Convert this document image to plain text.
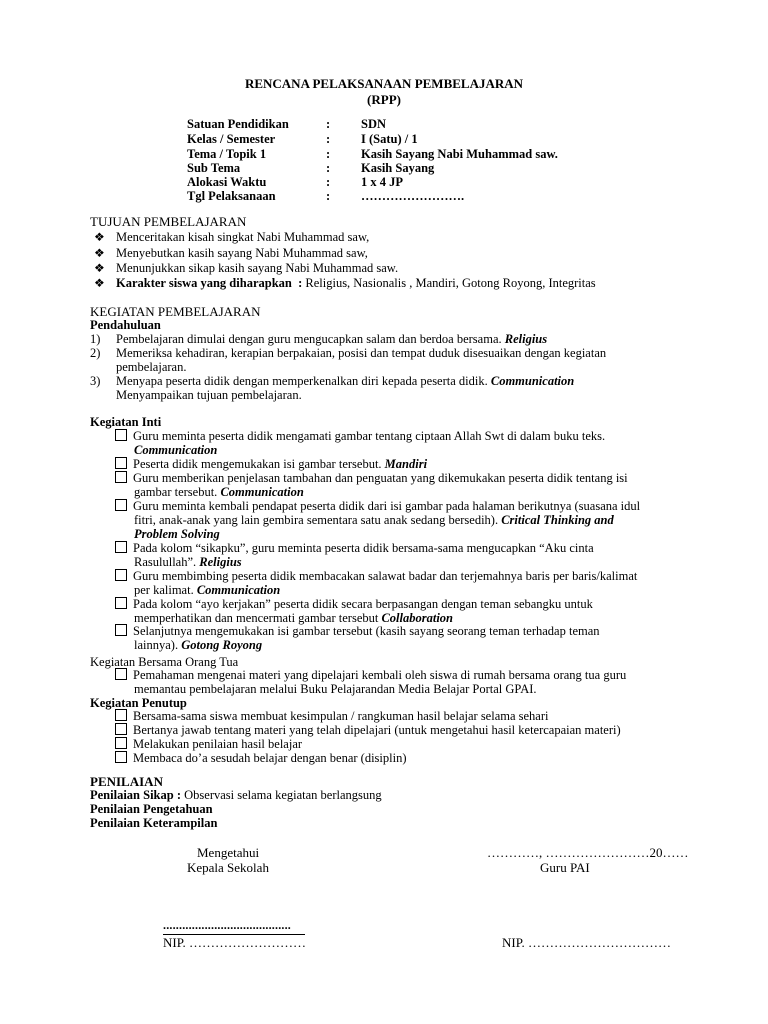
RENCANA PELAKSANAAN PEMBELAJARAN
(RPP)
Satuan Pendidikan	: SDN
Kelas / Semester	: I (Satu) / 1
Tema / Topik 1	: Kasih Sayang Nabi Muhammad saw.
Sub Tema	: Kasih Sayang
Alokasi Waktu	: 1 x 4 JP
Tgl Pelaksanaan	: …………………….
TUJUAN PEMBELAJARAN
❖ Menceritakan kisah singkat Nabi Muhammad saw,
❖ Menyebutkan kasih sayang Nabi Muhammad saw,
❖ Menunjukkan sikap kasih sayang Nabi Muhammad saw.
❖ Karakter siswa yang diharapkan : Religius, Nasionalis , Mandiri, Gotong Royong, Integritas
KEGIATAN PEMBELAJARAN
Pendahuluan
1) Pembelajaran dimulai dengan guru mengucapkan salam dan berdoa bersama. Religius
2) Memeriksa kehadiran, kerapian berpakaian, posisi dan tempat duduk disesuaikan dengan kegiatan
pembelajaran.
3) Menyapa peserta didik dengan memperkenalkan diri kepada peserta didik. Communication
Menyampaikan tujuan pembelajaran.
Kegiatan Inti
Guru meminta peserta didik mengamati gambar tentang ciptaan Allah Swt di dalam buku teks.
Communication
Peserta didik mengemukakan isi gambar tersebut. Mandiri
Guru memberikan penjelasan tambahan dan penguatan yang dikemukakan peserta didik tentang isi
gambar tersebut. Communication
Guru meminta kembali pendapat peserta didik dari isi gambar pada halaman berikutnya (suasana idul
fitri, anak-anak yang lain gembira sementara satu anak sedang bersedih). Critical Thinking and
Problem Solving
Pada kolom “sikapku”, guru meminta peserta didik bersama-sama mengucapkan “Aku cinta
Rasulullah”. Religius
Guru membimbing peserta didik membacakan salawat badar dan terjemahnya baris per baris/kalimat
per kalimat. Communication
Pada kolom “ayo kerjakan” peserta didik secara berpasangan dengan teman sebangku untuk
memperhatikan dan mencermati gambar tersebut Collaboration
Selanjutnya mengemukakan isi gambar tersebut (kasih sayang seorang teman terhadap teman
lainnya). Gotong Royong
Kegiatan Bersama Orang Tua
Pemahaman mengenai materi yang dipelajari kembali oleh siswa di rumah bersama orang tua guru
memantau pembelajaran melalui Buku Pelajarandan Media Belajar Portal GPAI.
Kegiatan Penutup
Bersama-sama siswa membuat kesimpulan / rangkuman hasil belajar selama sehari
Bertanya jawab tentang materi yang telah dipelajari (untuk mengetahui hasil ketercapaian materi)
Melakukan penilaian hasil belajar
Membaca do’a sesudah belajar dengan benar (disiplin)
PENILAIAN
Penilaian Sikap : Observasi selama kegiatan berlangsung
Penilaian Pengetahuan
Penilaian Keterampilan
Mengetahui
Kepala Sekolah
…………, ……………………20……
Guru PAI
........................................
NIP. ………………………	NIP. ……………………………
